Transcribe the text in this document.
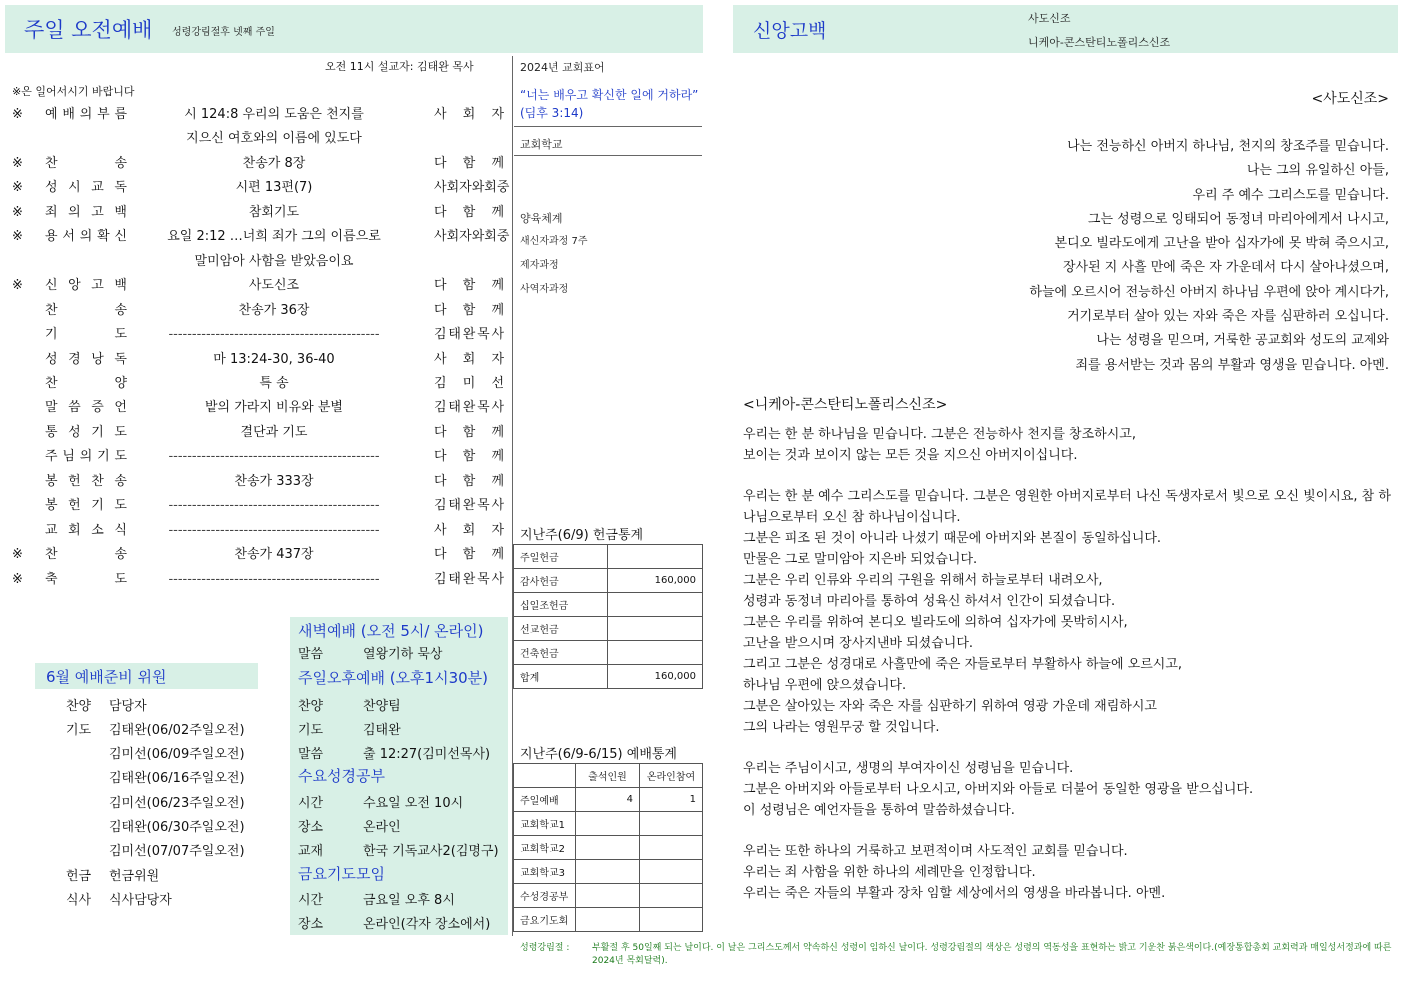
주일 오전예배 성령강림절후 넷째 주일
오전 11시 설교자: 김태완 목사
※은 일어서시기 바랍니다
※ 예 배 의 부 름	시 124:8 우리의 도움은 천지를	사 회 자
지으신 여호와의 이름에 있도다
※ 찬	송	찬송가 8장	다 함 께
※ 성 시 교 독	시편 13편(7)	사 회 자 와 회 중
※ 죄 의 고 백	참회기도	다 함 께
※ 용 서 의 확 신	요일 2:12 …너희 죄가 그의 이름으로	사 회 자 와 회 중
말미암아 사함을 받았음이요
※ 신 앙 고 백	사도신조	다 함 께
찬	송	찬송가 36장	다 함 께
기	도	---------------------------------------------	김 태 완 목 사
성 경 낭 독	마 13:24-30, 36-40	사 회 자
찬	양	특 송	김 미 선
말 씀 증 언	밭의 가라지 비유와 분별	김 태 완 목 사
통 성 기 도	결단과 기도	다 함 께
주 님 의 기 도	---------------------------------------------	다 함 께
봉 헌 찬 송	찬송가 333장	다 함 께
봉 헌 기 도	---------------------------------------------	김 태 완 목 사
교 회 소 식	---------------------------------------------	사 회 자
※ 찬	송	찬송가 437장	다 함 께
※ 축	도	---------------------------------------------	김 태 완 목 사
2024년 교회표어
“너는 배우고 확신한 일에 거하라” (딤후 3:14)
교회학교
양육체계
새신자과정 7주
제자과정
사역자과정
지난주(6/9) 헌금통계
주일헌금	
감사헌금	160,000
십일조헌금	
선교헌금	
건축헌금	
합계	160,000
지난주(6/9-6/15) 예배통계
	출석인원	온라인참여
주일예배	4	1
교회학교1		
교회학교2		
교회학교3		
수성경공부		
금요기도회		
새벽예배 (오전 5시/ 온라인)
말씀	열왕기하 묵상
주일오후예배 (오후1시30분)
찬양	찬양팀
기도	김태완
말씀	출 12:27(김미선목사)
수요성경공부
시간	수요일 오전 10시
장소	온라인
교재	한국 기독교사2(김명구)
금요기도모임
시간	금요일 오후 8시
장소	온라인(각자 장소에서)
6월 예배준비 위원
찬양 담당자
기도 김태완(06/02주일오전)
김미선(06/09주일오전)
김태완(06/16주일오전)
김미선(06/23주일오전)
김태완(06/30주일오전)
김미선(07/07주일오전)
헌금 헌금위원
식사 식사담당자
성령강림절 :	부활절 후 50일째 되는 날이다. 이 날은 그리스도께서 약속하신 성령이 임하신 날이다. 성령강림절의 색상은 성령의 역동성을 표현하는 밝고 기운찬 붉은색이다.(예장통합총회 교회력과 매일성서정과에 따른 2024년 목회달력).
신앙고백
사도신조
니케아-콘스탄티노폴리스신조
<사도신조>
나는 전능하신 아버지 하나님, 천지의 창조주를 믿습니다.
나는 그의 유일하신 아들,
우리 주 예수 그리스도를 믿습니다.
그는 성령으로 잉태되어 동정녀 마리아에게서 나시고,
본디오 빌라도에게 고난을 받아 십자가에 못 박혀 죽으시고,
장사된 지 사흘 만에 죽은 자 가운데서 다시 살아나셨으며,
하늘에 오르시어 전능하신 아버지 하나님 우편에 앉아 계시다가,
거기로부터 살아 있는 자와 죽은 자를 심판하러 오십니다.
나는 성령을 믿으며, 거룩한 공교회와 성도의 교제와
죄를 용서받는 것과 몸의 부활과 영생을 믿습니다. 아멘.
<니케아-콘스탄티노폴리스신조>
우리는 한 분 하나님을 믿습니다. 그분은 전능하사 천지를 창조하시고,
보이는 것과 보이지 않는 모든 것을 지으신 아버지이십니다.
우리는 한 분 예수 그리스도를 믿습니다. 그분은 영원한 아버지로부터 나신 독생자로서 빛으로 오신 빛이시요, 참 하나님으로부터 오신 참 하나님이십니다.
그분은 피조 된 것이 아니라 나셨기 때문에 아버지와 본질이 동일하십니다.
만물은 그로 말미암아 지은바 되었습니다.
그분은 우리 인류와 우리의 구원을 위해서 하늘로부터 내려오사,
성령과 동정녀 마리아를 통하여 성육신 하셔서 인간이 되셨습니다.
그분은 우리를 위하여 본디오 빌라도에 의하여 십자가에 못박히시사,
고난을 받으시며 장사지낸바 되셨습니다.
그리고 그분은 성경대로 사흘만에 죽은 자들로부터 부활하사 하늘에 오르시고,
하나님 우편에 앉으셨습니다.
그분은 살아있는 자와 죽은 자를 심판하기 위하여 영광 가운데 재림하시고
그의 나라는 영원무궁 할 것입니다.
우리는 주님이시고, 생명의 부여자이신 성령님을 믿습니다.
그분은 아버지와 아들로부터 나오시고, 아버지와 아들로 더불어 동일한 영광을 받으십니다.
이 성령님은 예언자들을 통하여 말씀하셨습니다.
우리는 또한 하나의 거룩하고 보편적이며 사도적인 교회를 믿습니다.
우리는 죄 사함을 위한 하나의 세례만을 인정합니다.
우리는 죽은 자들의 부활과 장차 임할 세상에서의 영생을 바라봅니다. 아멘.
